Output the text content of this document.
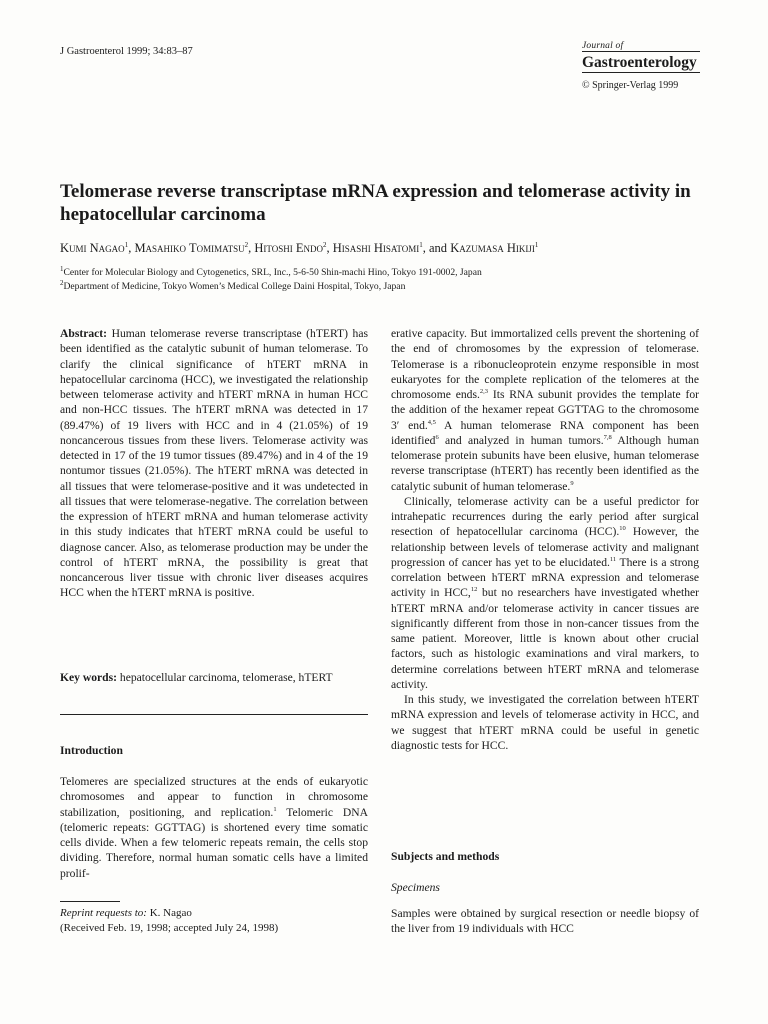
J Gastroenterol 1999; 34:83–87	Journal of
Gastroenterology
© Springer-Verlag 1999
Telomerase reverse transcriptase mRNA expression and telomerase activity in hepatocellular carcinoma
Kumi Nagao$^1$, Masahiko Tomimatsu$^2$, Hitoshi Endo$^2$, Hisashi Hisatomi$^1$, and Kazumasa Hikiji$^1$
$^1$Center for Molecular Biology and Cytogenetics, SRL, Inc., 5-6-50 Shin-machi Hino, Tokyo 191-0002, Japan
$^2$Department of Medicine, Tokyo Women’s Medical College Daini Hospital, Tokyo, Japan

Abstract: Human telomerase reverse transcriptase (hTERT) has been identified as the catalytic subunit of human telomerase. To clarify the clinical significance of hTERT mRNA in hepatocellular carcinoma (HCC), we investigated the relationship between telomerase activity and hTERT mRNA in human HCC and non-HCC tissues. The hTERT mRNA was detected in 17 (89.47%) of 19 livers with HCC and in 4 (21.05%) of 19 noncancerous tissues from these livers. Telomerase activity was detected in 17 of the 19 tumor tissues (89.47%) and in 4 of the 19 nontumor tissues (21.05%). The hTERT mRNA was detected in all tissues that were telomerase-positive and it was undetected in all tissues that were telomerase-negative. The correlation between the expression of hTERT mRNA and human telomerase activity in this study indicates that hTERT mRNA could be useful to diagnose cancer. Also, as telomerase production may be under the control of hTERT mRNA, the possibility is great that noncancerous liver tissue with chronic liver diseases acquires HCC when the hTERT mRNA is positive.

Key words: hepatocellular carcinoma, telomerase, hTERT

Introduction

Telomeres are specialized structures at the ends of eukaryotic chromosomes and appear to function in chromosome stabilization, positioning, and replication.$^1$ Telomeric DNA (telomeric repeats: GGTTAG) is shortened every time somatic cells divide. When a few telomeric repeats remain, the cells stop dividing. Therefore, normal human somatic cells have a limited prolif-

Reprint requests to: K. Nagao

(Received Feb. 19, 1998; accepted July 24, 1998)

erative capacity. But immortalized cells prevent the shortening of the end of chromosomes by the expression of telomerase. Telomerase is a ribonucleoprotein enzyme responsible in most eukaryotes for the complete replication of the telomeres at the chromosome ends.$^{2,3}$ Its RNA subunit provides the template for the addition of the hexamer repeat GGTTAG to the chromosome 3′ end.$^{4,5}$ A human telomerase RNA component has been identified$^6$ and analyzed in human tumors.$^{7,8}$ Although human telomerase protein subunits have been elusive, human telomerase reverse transcriptase (hTERT) has recently been identified as the catalytic subunit of human telomerase.$^9$

Clinically, telomerase activity can be a useful predictor for intrahepatic recurrences during the early period after surgical resection of hepatocellular carcinoma (HCC).$^{10}$ However, the relationship between levels of telomerase activity and malignant progression of cancer has yet to be elucidated.$^{11}$ There is a strong correlation between hTERT mRNA expression and telomerase activity in HCC,$^{12}$ but no researchers have investigated whether hTERT mRNA and/or telomerase activity in cancer tissues are significantly different from those in non-cancer tissues from the same patient. Moreover, little is known about other crucial factors, such as histologic examinations and viral markers, to determine correlations between hTERT mRNA and telomerase activity.

In this study, we investigated the correlation between hTERT mRNA expression and levels of telomerase activity in HCC, and we suggest that hTERT mRNA could be useful in genetic diagnostic tests for HCC.

Subjects and methods
Specimens

Samples were obtained by surgical resection or needle biopsy of the liver from 19 individuals with HCC
